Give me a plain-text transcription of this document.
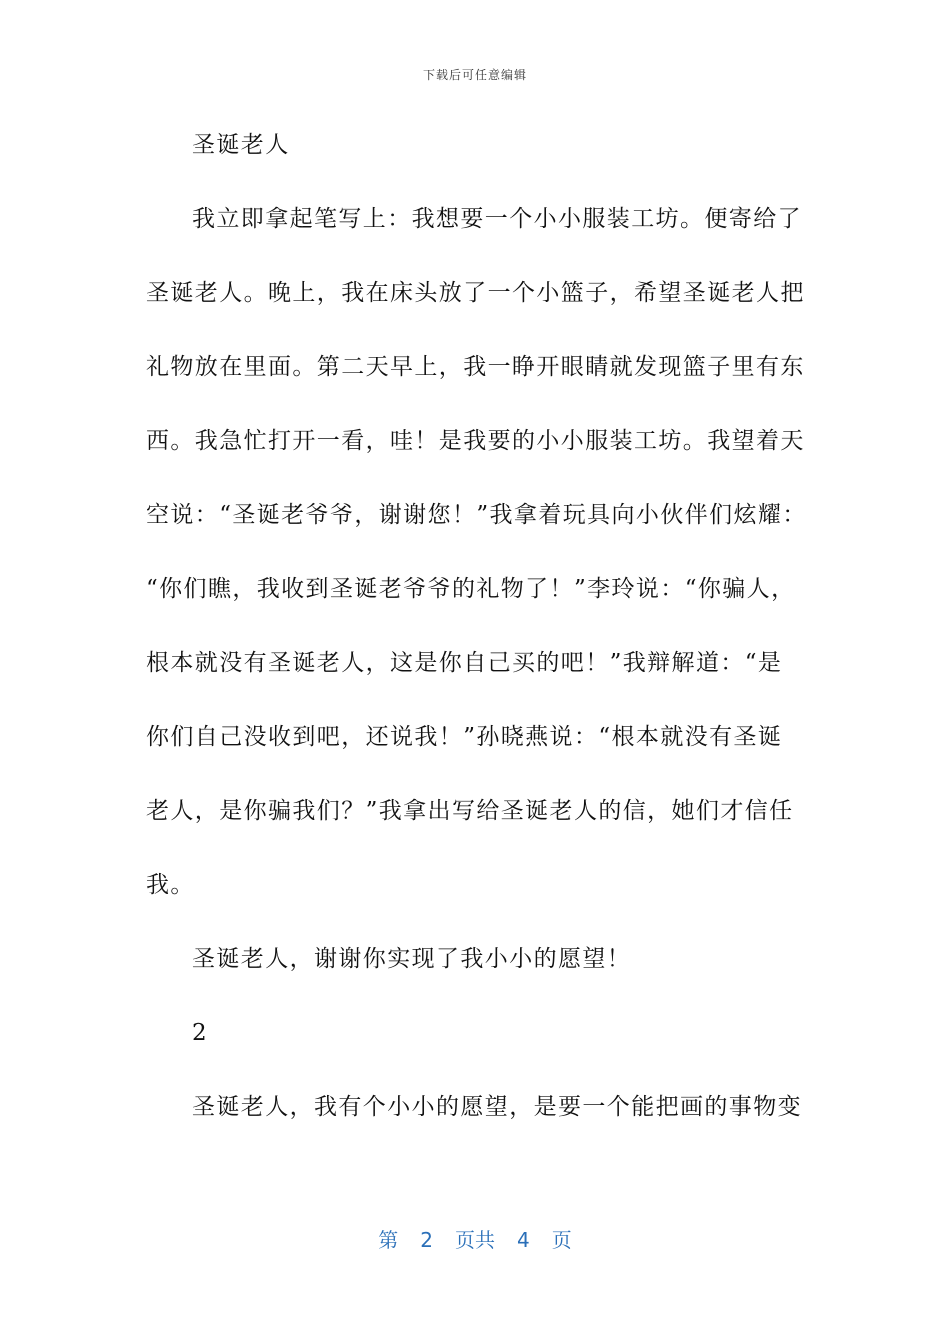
下载后可任意编辑
圣诞老人
我立即拿起笔写上：我想要一个小小服装工坊。便寄给了
圣诞老人。晚上，我在床头放了一个小篮子，希望圣诞老人把
礼物放在里面。第二天早上，我一睁开眼睛就发现篮子里有东
西。我急忙打开一看，哇！是我要的小小服装工坊。我望着天
空说：“圣诞老爷爷，谢谢您！”我拿着玩具向小伙伴们炫耀：
“你们瞧，我收到圣诞老爷爷的礼物了！”李玲说：“你骗人，
根本就没有圣诞老人，这是你自己买的吧！”我辩解道：“是
你们自己没收到吧，还说我！”孙晓燕说：“根本就没有圣诞
老人，是你骗我们？”我拿出写给圣诞老人的信，她们才信任
我。
圣诞老人，谢谢你实现了我小小的愿望！
2
圣诞老人，我有个小小的愿望，是要一个能把画的事物变
第 2 页共 4 页
